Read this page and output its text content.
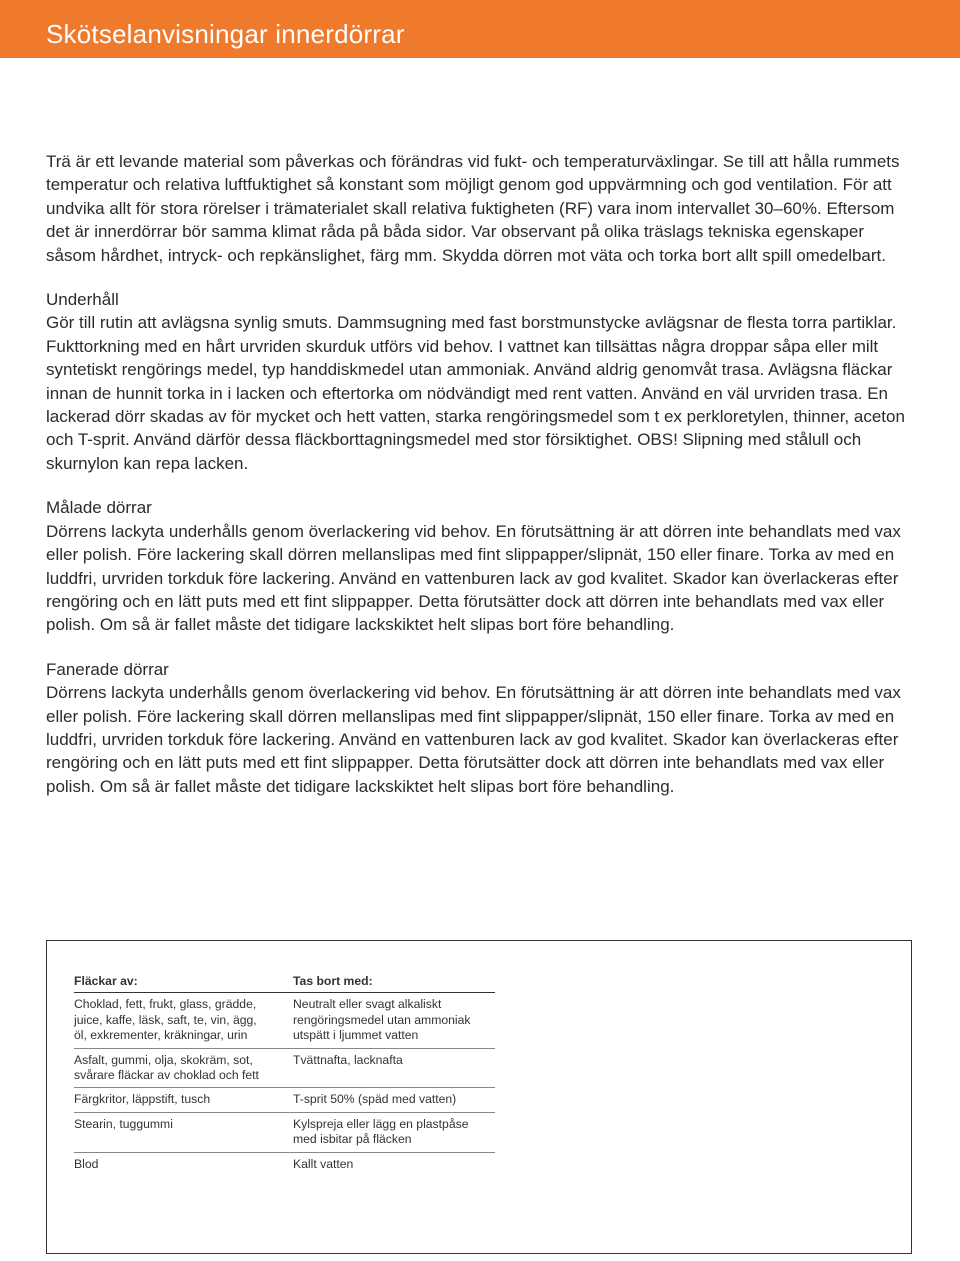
Skötselanvisningar innerdörrar

Trä är ett levande material som påverkas och förändras vid fukt- och temperaturväxlingar. Se till att hålla rummets temperatur och relativa luftfuktighet så konstant som möjligt genom god uppvärmning och god ventilation. För att undvika allt för stora rörelser i trämaterialet skall relativa fuktigheten (RF) vara inom intervallet 30–60%. Eftersom det är innerdörrar bör samma klimat råda på båda sidor. Var observant på olika träslags tekniska egenskaper såsom hårdhet, intryck- och repkänslighet, färg mm. Skydda dörren mot väta och torka bort allt spill omedelbart.

Underhåll

Gör till rutin att avlägsna synlig smuts. Dammsugning med fast borstmunstycke avlägsnar de flesta torra partiklar. Fukttorkning med en hårt urvriden skurduk utförs vid behov. I vattnet kan tillsättas några droppar såpa eller milt syntetiskt rengörings medel, typ handdiskmedel utan ammoniak. Använd aldrig genomvåt trasa. Avlägsna fläckar innan de hunnit torka in i lacken och eftertorka om nödvändigt med rent vatten. Använd en väl urvriden trasa. En lackerad dörr skadas av för mycket och hett vatten, starka rengöringsmedel som t ex perkloretylen, thinner, aceton och T-sprit. Använd därför dessa fläckborttagningsmedel med stor försiktighet. OBS! Slipning med stålull och skurnylon kan repa lacken.

Målade dörrar

Dörrens lackyta underhålls genom överlackering vid behov. En förutsättning är att dörren inte behandlats med vax eller polish. Före lackering skall dörren mellanslipas med fint slippapper/slipnät, 150 eller finare. Torka av med en luddfri, urvriden torkduk före lackering. Använd en vattenburen lack av god kvalitet. Skador kan överlackeras efter rengöring och en lätt puts med ett fint slippapper. Detta förutsätter dock att dörren inte behandlats med vax eller polish. Om så är fallet måste det tidigare lackskiktet helt slipas bort före behandling.

Fanerade dörrar

Dörrens lackyta underhålls genom överlackering vid behov. En förutsättning är att dörren inte behandlats med vax eller polish. Före lackering skall dörren mellanslipas med fint slippapper/slipnät, 150 eller finare. Torka av med en luddfri, urvriden torkduk före lackering. Använd en vattenburen lack av god kvalitet. Skador kan överlackeras efter rengöring och en lätt puts med ett fint slippapper. Detta förutsätter dock att dörren inte behandlats med vax eller polish. Om så är fallet måste det tidigare lackskiktet helt slipas bort före behandling.

Fläckar av:	Tas bort med:

Choklad, fett, frukt, glass, grädde, juice, kaffe, läsk, saft, te, vin, ägg, öl, exkrementer, kräkningar, urin	Neutralt eller svagt alkaliskt rengöringsmedel utan ammoniak utspätt i ljummet vatten

Asfalt, gummi, olja, skokräm, sot, svårare fläckar av choklad och fett	Tvättnafta, lacknafta

Färgkritor, läppstift, tusch	T-sprit 50% (späd med vatten)

Stearin, tuggummi	Kylspreja eller lägg en plastpåse med isbitar på fläcken

Blod	Kallt vatten
